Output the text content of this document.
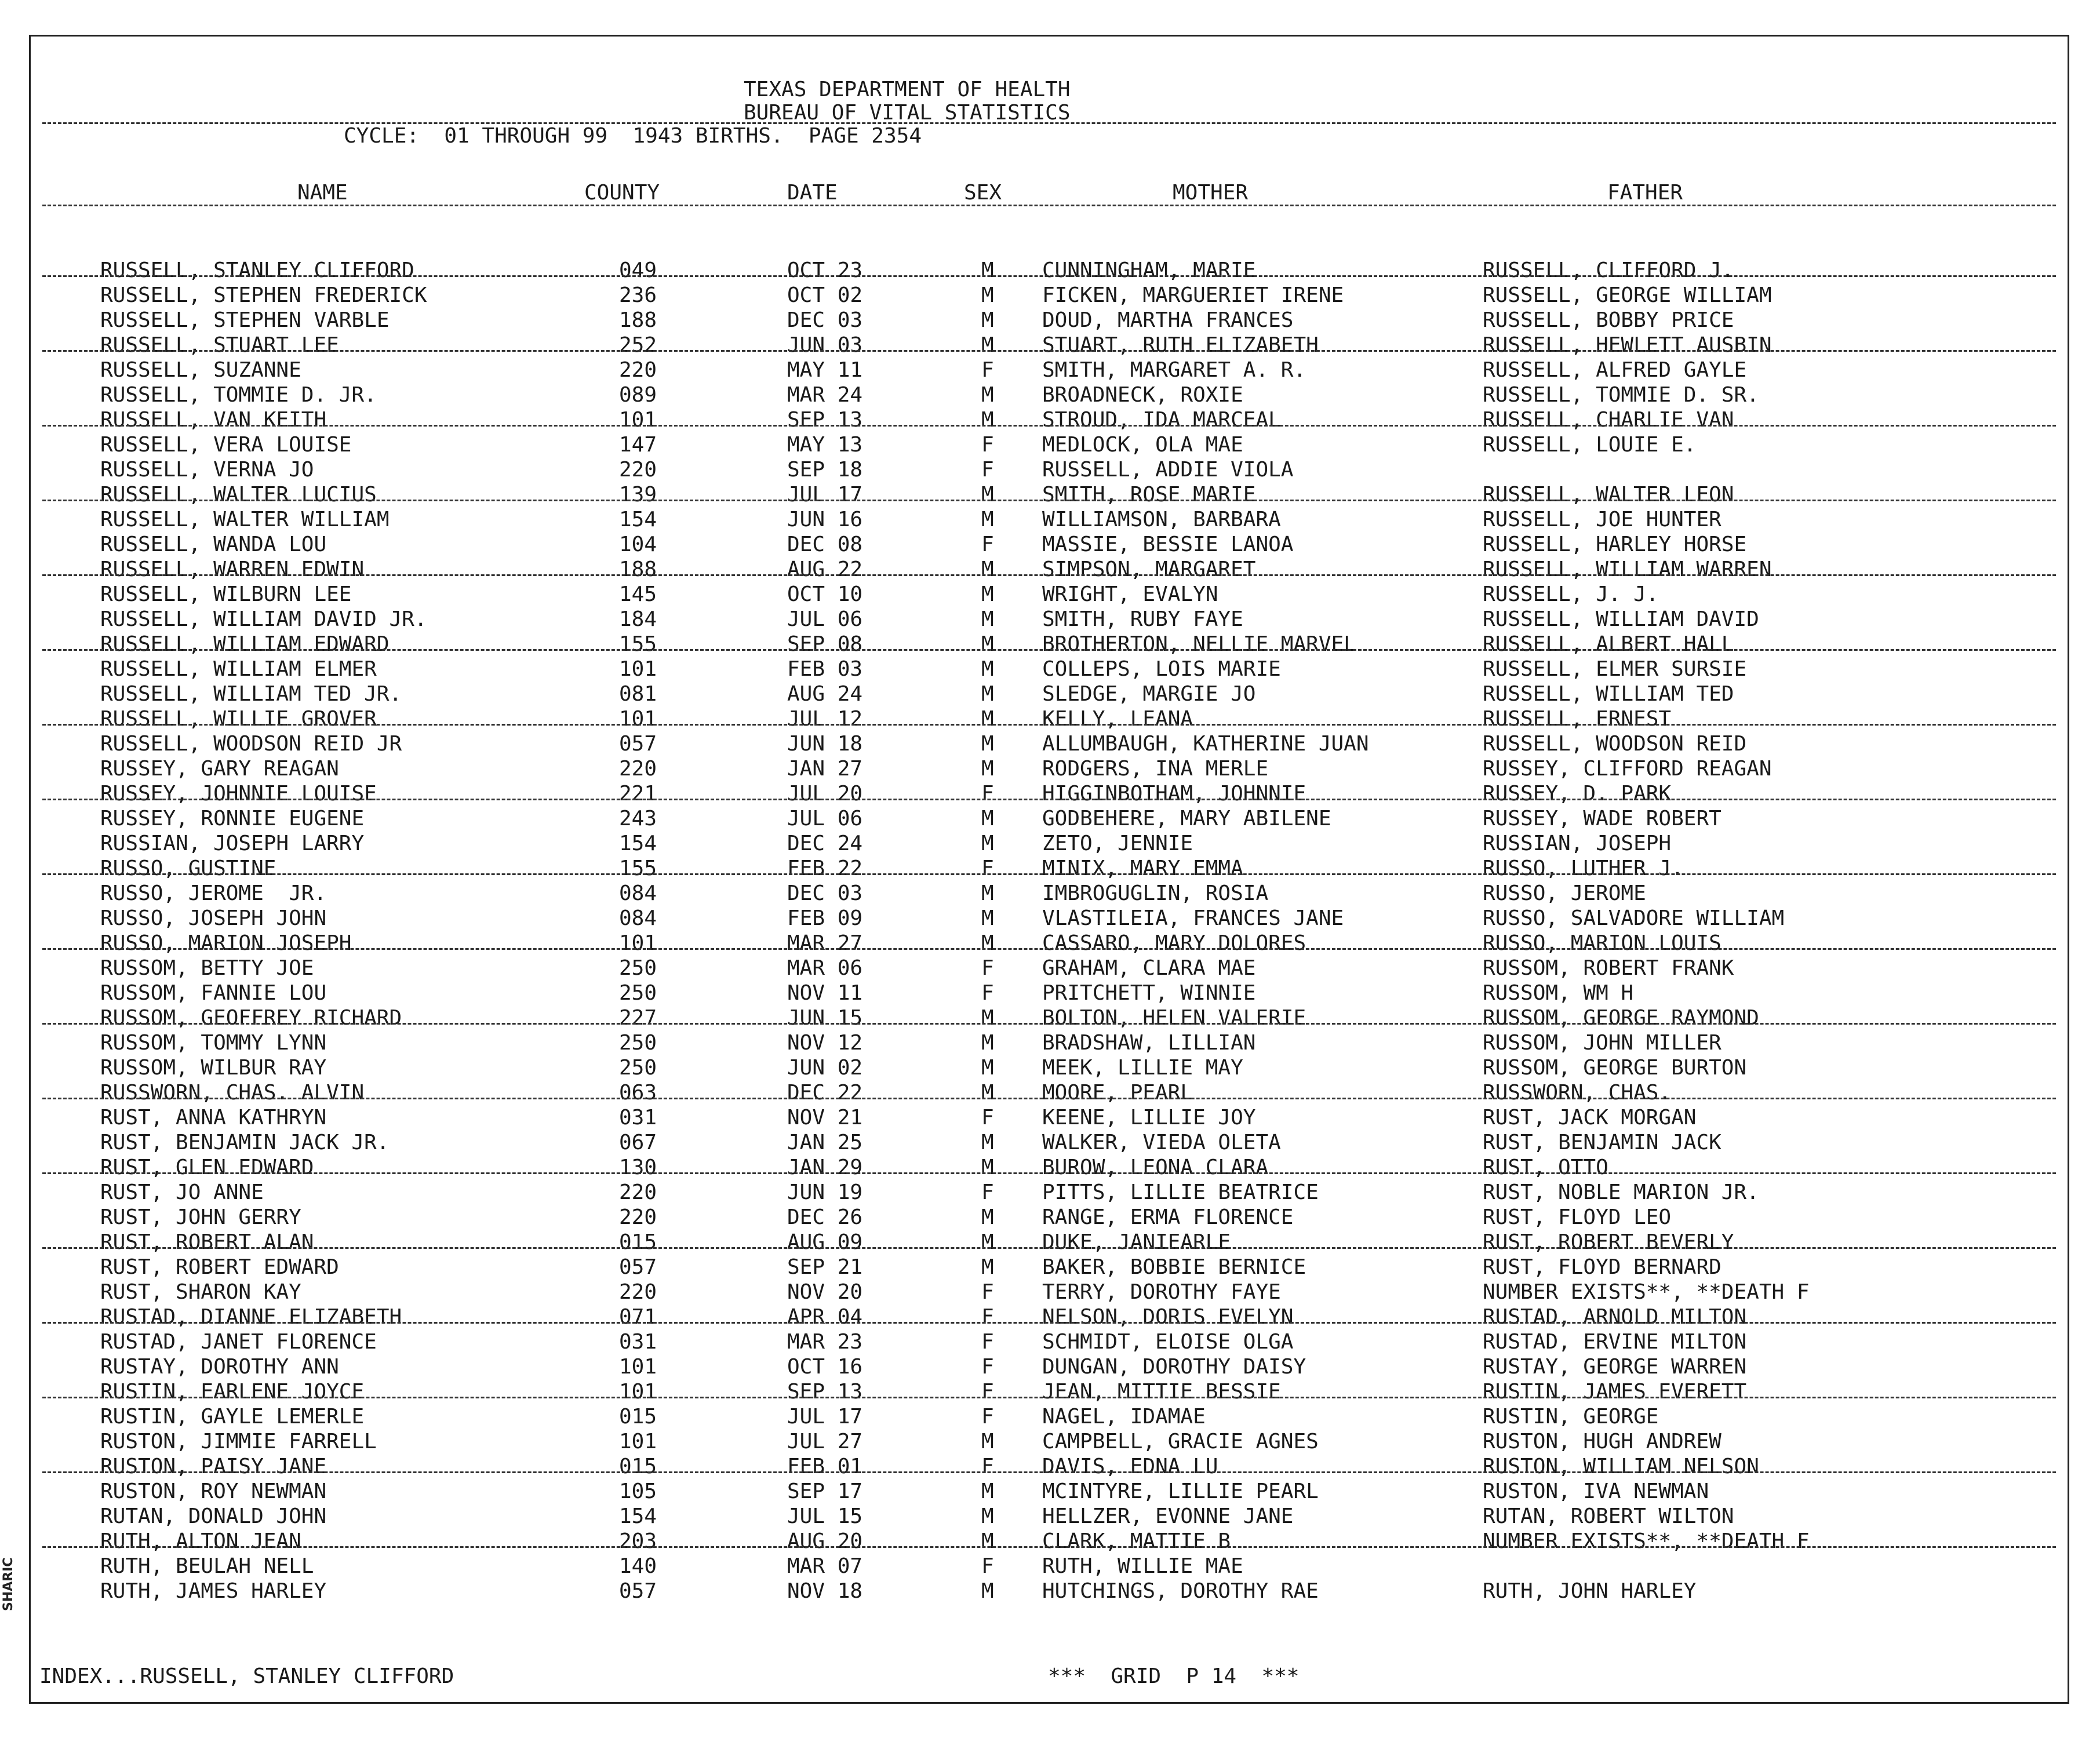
TEXAS DEPARTMENT OF HEALTH
BUREAU OF VITAL STATISTICS
CYCLE:  01 THROUGH 99  1943 BIRTHS.  PAGE 2354
NAME	COUNTY	DATE	SEX	MOTHER	FATHER
RUSSELL, STANLEY CLIFFORD	049	OCT 23	M CUNNINGHAM, MARIE	RUSSELL, CLIFFORD J.
RUSSELL, STEPHEN FREDERICK	236	OCT 02	M FICKEN, MARGUERIET IRENE	RUSSELL, GEORGE WILLIAM
RUSSELL, STEPHEN VARBLE	188	DEC 03	M DOUD, MARTHA FRANCES	RUSSELL, BOBBY PRICE
RUSSELL, STUART LEE	252	JUN 03	M STUART, RUTH ELIZABETH	RUSSELL, HEWLETT AUSBIN
RUSSELL, SUZANNE	220	MAY 11	F SMITH, MARGARET A. R.	RUSSELL, ALFRED GAYLE
RUSSELL, TOMMIE D. JR.	089	MAR 24	M BROADNECK, ROXIE	RUSSELL, TOMMIE D. SR.
RUSSELL, VAN KEITH	101	SEP 13	M STROUD, IDA MARCEAL	RUSSELL, CHARLIE VAN
RUSSELL, VERA LOUISE	147	MAY 13	F MEDLOCK, OLA MAE	RUSSELL, LOUIE E.
RUSSELL, VERNA JO	220	SEP 18	F RUSSELL, ADDIE VIOLA
RUSSELL, WALTER LUCIUS	139	JUL 17	M SMITH, ROSE MARIE	RUSSELL, WALTER LEON
RUSSELL, WALTER WILLIAM	154	JUN 16	M WILLIAMSON, BARBARA	RUSSELL, JOE HUNTER
RUSSELL, WANDA LOU	104	DEC 08	F MASSIE, BESSIE LANOA	RUSSELL, HARLEY HORSE
RUSSELL, WARREN EDWIN	188	AUG 22	M SIMPSON, MARGARET	RUSSELL, WILLIAM WARREN
RUSSELL, WILBURN LEE	145	OCT 10	M WRIGHT, EVALYN	RUSSELL, J. J.
RUSSELL, WILLIAM DAVID JR.	184	JUL 06	M SMITH, RUBY FAYE	RUSSELL, WILLIAM DAVID
RUSSELL, WILLIAM EDWARD	155	SEP 08	M BROTHERTON, NELLIE MARVEL	RUSSELL, ALBERT HALL
RUSSELL, WILLIAM ELMER	101	FEB 03	M COLLEPS, LOIS MARIE	RUSSELL, ELMER SURSIE
RUSSELL, WILLIAM TED JR.	081	AUG 24	M SLEDGE, MARGIE JO	RUSSELL, WILLIAM TED
RUSSELL, WILLIE GROVER	101	JUL 12	M KELLY, LEANA	RUSSELL, ERNEST
RUSSELL, WOODSON REID JR	057	JUN 18	M ALLUMBAUGH, KATHERINE JUAN	RUSSELL, WOODSON REID
RUSSEY, GARY REAGAN	220	JAN 27	M RODGERS, INA MERLE	RUSSEY, CLIFFORD REAGAN
RUSSEY, JOHNNIE LOUISE	221	JUL 20	F HIGGINBOTHAM, JOHNNIE	RUSSEY, D. PARK
RUSSEY, RONNIE EUGENE	243	JUL 06	M GODBEHERE, MARY ABILENE	RUSSEY, WADE ROBERT
RUSSIAN, JOSEPH LARRY	154	DEC 24	M ZETO, JENNIE	RUSSIAN, JOSEPH
RUSSO, GUSTINE	155	FEB 22	F MINIX, MARY EMMA	RUSSO, LUTHER J.
RUSSO, JEROME  JR.	084	DEC 03	M IMBROGUGLIN, ROSIA	RUSSO, JEROME
RUSSO, JOSEPH JOHN	084	FEB 09	M VLASTILEIA, FRANCES JANE	RUSSO, SALVADORE WILLIAM
RUSSO, MARION JOSEPH	101	MAR 27	M CASSARO, MARY DOLORES	RUSSO, MARION LOUIS
RUSSOM, BETTY JOE	250	MAR 06	F GRAHAM, CLARA MAE	RUSSOM, ROBERT FRANK
RUSSOM, FANNIE LOU	250	NOV 11	F PRITCHETT, WINNIE	RUSSOM, WM H
RUSSOM, GEOFFREY RICHARD	227	JUN 15	M BOLTON, HELEN VALERIE	RUSSOM, GEORGE RAYMOND
RUSSOM, TOMMY LYNN	250	NOV 12	M BRADSHAW, LILLIAN	RUSSOM, JOHN MILLER
RUSSOM, WILBUR RAY	250	JUN 02	M MEEK, LILLIE MAY	RUSSOM, GEORGE BURTON
RUSSWORN, CHAS. ALVIN	063	DEC 22	M MOORE, PEARL	RUSSWORN, CHAS.
RUST, ANNA KATHRYN	031	NOV 21	F KEENE, LILLIE JOY	RUST, JACK MORGAN
RUST, BENJAMIN JACK JR.	067	JAN 25	M WALKER, VIEDA OLETA	RUST, BENJAMIN JACK
RUST, GLEN EDWARD	130	JAN 29	M BUROW, LEONA CLARA	RUST, OTTO
RUST, JO ANNE	220	JUN 19	F PITTS, LILLIE BEATRICE	RUST, NOBLE MARION JR.
RUST, JOHN GERRY	220	DEC 26	M RANGE, ERMA FLORENCE	RUST, FLOYD LEO
RUST, ROBERT ALAN	015	AUG 09	M DUKE, JANIEARLE	RUST, ROBERT BEVERLY
RUST, ROBERT EDWARD	057	SEP 21	M BAKER, BOBBIE BERNICE	RUST, FLOYD BERNARD
RUST, SHARON KAY	220	NOV 20	F TERRY, DOROTHY FAYE	NUMBER EXISTS**, **DEATH F
RUSTAD, DIANNE ELIZABETH	071	APR 04	F NELSON, DORIS EVELYN	RUSTAD, ARNOLD MILTON
RUSTAD, JANET FLORENCE	031	MAR 23	F SCHMIDT, ELOISE OLGA	RUSTAD, ERVINE MILTON
RUSTAY, DOROTHY ANN	101	OCT 16	F DUNGAN, DOROTHY DAISY	RUSTAY, GEORGE WARREN
RUSTIN, EARLENE JOYCE	101	SEP 13	F JEAN, MITTIE BESSIE	RUSTIN, JAMES EVERETT
RUSTIN, GAYLE LEMERLE	015	JUL 17	F NAGEL, IDAMAE	RUSTIN, GEORGE
RUSTON, JIMMIE FARRELL	101	JUL 27	M CAMPBELL, GRACIE AGNES	RUSTON, HUGH ANDREW
RUSTON, PAISY JANE	015	FEB 01	F DAVIS, EDNA LU	RUSTON, WILLIAM NELSON
RUSTON, ROY NEWMAN	105	SEP 17	M MCINTYRE, LILLIE PEARL	RUSTON, IVA NEWMAN
RUTAN, DONALD JOHN	154	JUL 15	M HELLZER, EVONNE JANE	RUTAN, ROBERT WILTON
RUTH, ALTON JEAN	203	AUG 20	M CLARK, MATTIE B	NUMBER EXISTS**, **DEATH F
RUTH, BEULAH NELL	140	MAR 07	F RUTH, WILLIE MAE
RUTH, JAMES HARLEY	057	NOV 18	M HUTCHINGS, DOROTHY RAE	RUTH, JOHN HARLEY
INDEX...RUSSELL, STANLEY CLIFFORD	***  GRID  P 14  ***
SHARIC
